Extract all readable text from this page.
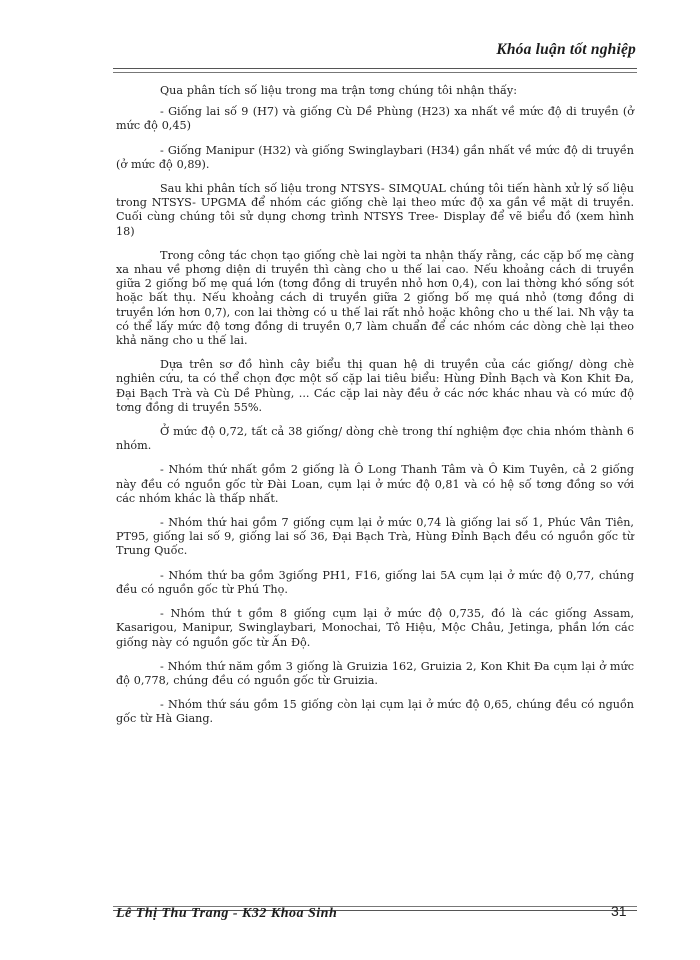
Khóa luận tốt nghiệp

Qua phân tích số liệu trong ma trận tơng chúng tôi nhận thấy:

- Giống lai số 9 (H7) và giống Cù Dề Phùng (H23) xa nhất về mức độ di truyền (ở mức độ 0,45)

- Giống Manipur (H32) và giống Swinglaybari (H34) gần nhất về mức độ di truyền (ở mức độ 0,89).

Sau khi phân tích số liệu trong NTSYS- SIMQUAL chúng tôi tiến hành xử lý số liệu trong NTSYS- UPGMA để nhóm các giống chè lại theo mức độ xa gần về mặt di truyền. Cuối cùng chúng tôi sử dụng chơng trình NTSYS Tree- Display để vẽ biểu đồ (xem hình 18)

Trong công tác chọn tạo giống chè lai ngời ta nhận thấy rằng, các cặp bố mẹ càng xa nhau về phơng diện di truyền thì càng cho u thế lai cao. Nếu khoảng cách di truyền giữa 2 giống bố mẹ quá lớn (tơng đồng di truyền nhỏ hơn 0,4), con lai thờng khó sống sót hoặc bất thụ. Nếu khoảng cách di truyền giữa 2 giống bố mẹ quá nhỏ (tơng đồng di truyền lớn hơn 0,7), con lai thờng có u thế lai rất nhỏ hoặc không cho u thế lai. Nh vậy ta có thể lấy mức độ tơng đồng di truyền 0,7 làm chuẩn để các nhóm các dòng chè lại theo khả năng cho u thế lai.

Dựa trên sơ đồ hình cây biểu thị quan hệ di truyền của các giống/ dòng chè nghiên cứu, ta có thể chọn đợc một số cặp lai tiêu biểu: Hùng Đỉnh Bạch và Kon Khit Đa, Đại Bạch Trà và Cù Dề Phùng, ... Các cặp lai này đều ở các nớc khác nhau và có mức độ tơng đồng di truyền 55%.

Ở mức độ 0,72, tất cả 38 giống/ dòng chè trong thí nghiệm đợc chia nhóm thành 6 nhóm.

- Nhóm thứ nhất gồm 2 giống là Ô Long Thanh Tâm và Ô Kim Tuyên, cả 2 giống này đều có nguồn gốc từ Đài Loan, cụm lại ở mức độ 0,81 và có hệ số tơng đồng so với các nhóm khác là thấp nhất.

- Nhóm thứ hai gồm 7 giống cụm lại ở mức 0,74 là giống lai số 1, Phúc Vân Tiên, PT95, giống lai số 9, giống lai số 36, Đại Bạch Trà, Hùng Đỉnh Bạch đều có nguồn gốc từ Trung Quốc.

- Nhóm thứ ba gồm 3giống PH1, F16, giống lai 5A cụm lại ở mức độ 0,77, chúng đều có nguồn gốc từ Phú Thọ.

- Nhóm thứ t gồm 8 giống cụm lại ở mức độ 0,735, đó là các giống Assam, Kasarigou, Manipur, Swinglaybari, Monochai, Tô Hiệu, Mộc Châu, Jetinga, phần lớn các giống này có nguồn gốc từ Ấn Độ.

- Nhóm thứ năm gồm 3 giống là Gruizia 162, Gruizia 2, Kon Khit Đa cụm lại ở mức độ 0,778, chúng đều có nguồn gốc từ Gruizia.

- Nhóm thứ sáu gồm 15 giống còn lại cụm lại ở mức độ 0,65, chúng đều có nguồn gốc từ Hà Giang.

Lê Thị Thu Trang - K32 Khoa Sinh	31
